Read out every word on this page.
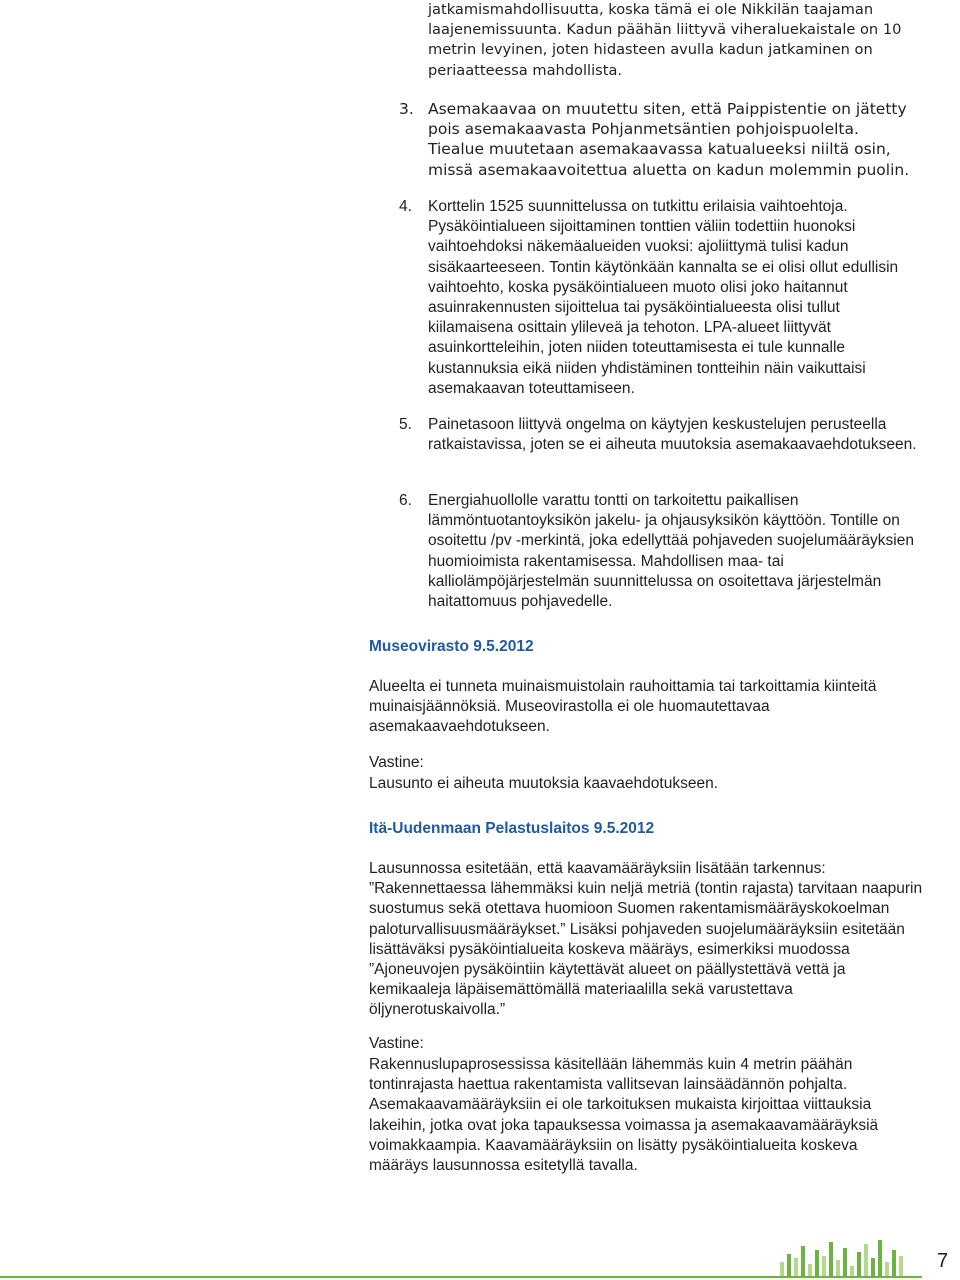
jatkamismahdollisuutta, koska tämä ei ole Nikkilän taajaman laajenemissuunta. Kadun päähän liittyvä viheraluekaistale on 10 metrin levyinen, joten hidasteen avulla kadun jatkaminen on periaatteessa mahdollista.

3. Asemakaavaa on muutettu siten, että Paippistentie on jätetty pois asemakaavasta Pohjanmetsäntien pohjoispuolelta. Tiealue muutetaan asemakaavassa katualueeksi niiltä osin, missä asemakaavoitettua aluetta on kadun molemmin puolin.

4.	Korttelin 1525 suunnittelussa on tutkittu erilaisia vaihtoehtoja. Pysäköintialueen sijoittaminen tonttien väliin todettiin huonoksi vaihtoehdoksi näkemäalueiden vuoksi: ajoliittymä tulisi kadun sisäkaarteeseen. Tontin käytönkään kannalta se ei olisi ollut edullisin vaihtoehto, koska pysäköintialueen muoto olisi joko haitannut asuinrakennusten sijoittelua tai pysäköintialueesta olisi tullut kiilamaisena osittain ylilevеä ja tehoton. LPA-alueet liittyvät asuinkortteleihin, joten niiden toteuttamisesta ei tule kunnalle kustannuksia eikä niiden yhdistäminen tontteihin näin vaikuttaisi asemakaavan toteuttamiseen.

5.	Painetasoon liittyvä ongelma on käytyjen keskustelujen perusteella ratkaistavissa, joten se ei aiheuta muutoksia asemakaavaehdotukseen.

6.	Energiahuollolle varattu tontti on tarkoitettu paikallisen lämmöntuotantoyksikön jakelu- ja ohjausyksikön käyttöön. Tontille on osoitettu /pv -merkintä, joka edellyttää pohjaveden suojelumääräyksien huomioimista rakentamisessa. Mahdollisen maa- tai kalliolämpöjärjestelmän suunnittelussa on osoitettava järjestelmän haitattomuus pohjavedelle.

Museovirasto 9.5.2012

Alueelta ei tunneta muinaismuistolain rauhoittamia tai tarkoittamia kiinteitä muinaisjäännöksiä. Museovirastolla ei ole huomautettavaa asemakaavaehdotukseen.

Vastine:

Lausunto ei aiheuta muutoksia kaavaehdotukseen.

Itä-Uudenmaan Pelastuslaitos 9.5.2012

Lausunnossa esitetään, että kaavamääräyksiin lisätään tarkennus: ”Rakennettaessa lähemmäksi kuin neljä metriä (tontin rajasta) tarvitaan naapurin suostumus sekä otettava huomioon Suomen rakentamismääräyskokoelman paloturvallisuusmääräykset.” Lisäksi pohjaveden suojelumääräyksiin esitetään lisättäväksi pysäköintialueita koskeva määräys, esimerkiksi muodossa ”Ajoneuvojen pysäköintiin käytettävät alueet on päällystettävä vettä ja kemikaaleja läpäisemättömällä materiaalilla sekä varustettava öljynerotuskaivolla.”

Vastine:

Rakennuslupaprosessissa käsitellään lähemmäs kuin 4 metrin päähän tontinrajasta haettua rakentamista vallitsevan lainsäädännön pohjalta. Asemakaavamääräyksiin ei ole tarkoituksen mukaista kirjoittaa viittauksia lakeihin, jotka ovat joka tapauksessa voimassa ja asemakaavamääräyksiä voimakkaampia. Kaavamääräyksiin on lisätty pysäköintialueita koskeva määräys lausunnossa esitetyllä tavalla.

7
